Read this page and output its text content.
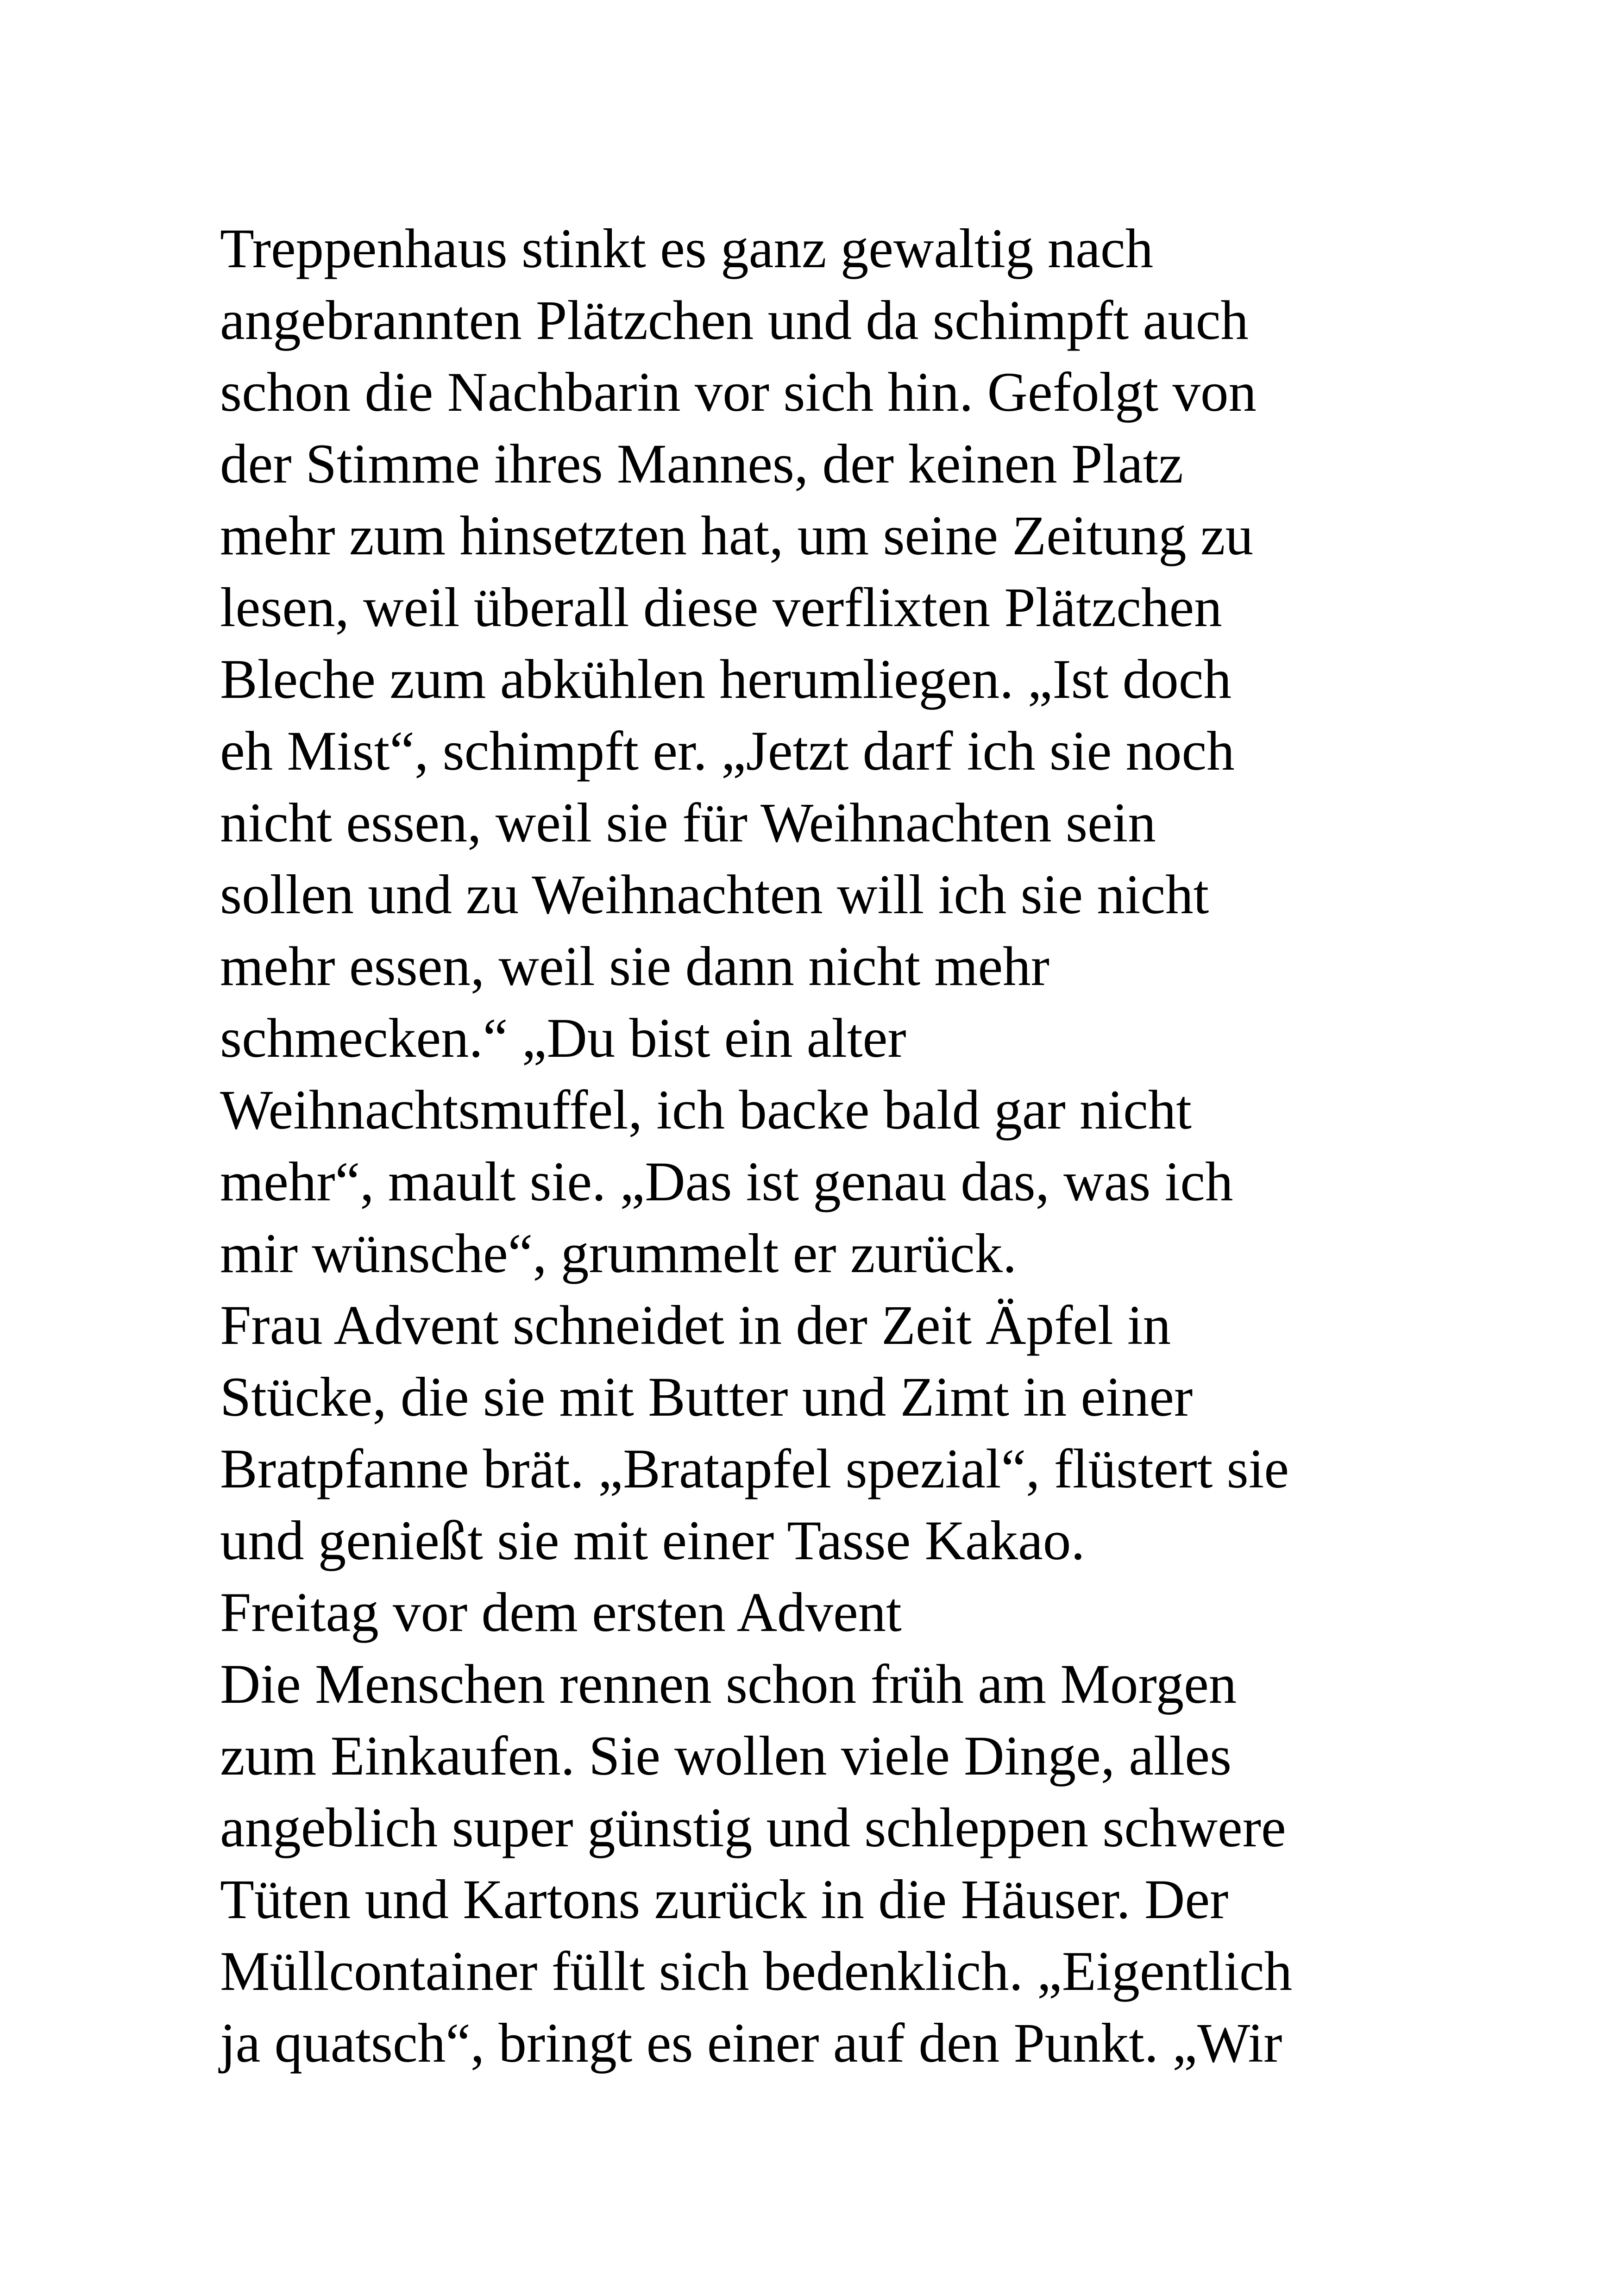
Treppenhaus stinkt es ganz gewaltig nach
angebrannten Plätzchen und da schimpft auch
schon die Nachbarin vor sich hin. Gefolgt von
der Stimme ihres Mannes, der keinen Platz
mehr zum hinsetzten hat, um seine Zeitung zu
lesen, weil überall diese verflixten Plätzchen
Bleche zum abkühlen herumliegen. „Ist doch
eh Mist“, schimpft er. „Jetzt darf ich sie noch
nicht essen, weil sie für Weihnachten sein
sollen und zu Weihnachten will ich sie nicht
mehr essen, weil sie dann nicht mehr
schmecken.“ „Du bist ein alter
Weihnachtsmuffel, ich backe bald gar nicht
mehr“, mault sie. „Das ist genau das, was ich
mir wünsche“, grummelt er zurück.
Frau Advent schneidet in der Zeit Äpfel in
Stücke, die sie mit Butter und Zimt in einer
Bratpfanne brät. „Bratapfel spezial“, flüstert sie
und genießt sie mit einer Tasse Kakao.
Freitag vor dem ersten Advent
Die Menschen rennen schon früh am Morgen
zum Einkaufen. Sie wollen viele Dinge, alles
angeblich super günstig und schleppen schwere
Tüten und Kartons zurück in die Häuser. Der
Müllcontainer füllt sich bedenklich. „Eigentlich
ja quatsch“, bringt es einer auf den Punkt. „Wir
